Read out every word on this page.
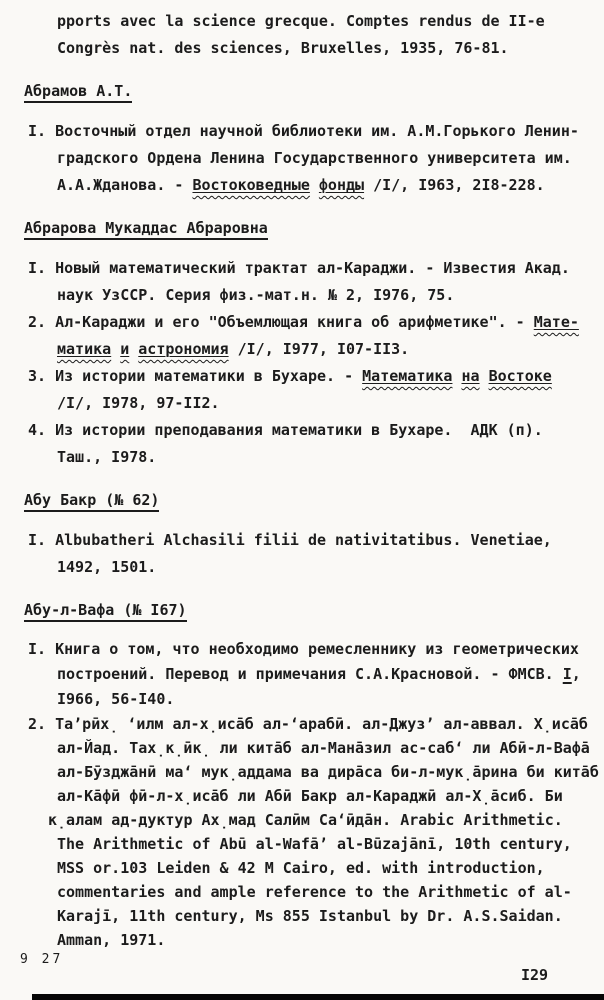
pports avec la science grecque. Comptes rendus de II-e
Congrès nat. des sciences, Bruxelles, 1935, 76-81.
Абрамов А.Т.
I. Восточный отдел научной библиотеки им. А.М.Горького Ленин-
градского Ордена Ленина Государственного университета им.
А.А.Жданова. - Востоковедные фонды /I/, I963, 2I8-228.
Абрарова Мукаддас Абраровна
I. Новый математический трактат ал-Караджи. - Известия Акад.
наук УзССР. Серия физ.-мат.н. № 2, I976, 75.
2. Ал-Караджи и его "Объемлющая книга об арифметике". - Мате-
матика и астрономия /I/, I977, I07-II3.
3. Из истории математики в Бухаре. - Математика на Востоке
/I/, I978, 97-II2.
4. Из истории преподавания математики в Бухаре.  АДК (п).
Таш., I978.
Абу Бакр (№ 62)
I. Albubatheri Alchasili filii de nativitatibus. Venetiae,
1492, 1501.
Абу-л-Вафа (№ I67)
I. Книга о том, что необходимо ремесленнику из геометрических
построений. Перевод и примечания С.А.Красновой. - ФМСВ. I,
I966, 56-I40.
2. Та’рӣх̣ ‘илм ал-х̣иса̄б ал-‘арабӣ. ал-Джуз’ ал-аввал. Х̣иса̄б
ал-Йад. Тах̣к̣ӣк̣ ли кита̄б ал-Мана̄зил ас-саб‘ ли Абӣ-л-Вафа̄
ал-Бӯзджа̄нӣ ма‘ мук̣аддама ва дира̄са би-л-мук̣а̄рина би кита̄б
ал-Ка̄фӣ фӣ-л-х̣иса̄б ли Абӣ Бакр ал-Караджӣ ал-Х̣а̄сиб. Би
к̣алам ад-дуктур Ах̣мад Салӣм Са‘ӣда̄н. Arabic Arithmetic.
The Arithmetic of Abū al-Wafā’ al-Būzajānī, 10th century,
MSS or.103 Leiden & 42 M Cairo, ed. with introduction,
commentaries and ample reference to the Arithmetic of al-
Karajī, 11th century, Ms 855 Istanbul by Dr. A.S.Saidan.
Amman, 1971.
9 27
I29
